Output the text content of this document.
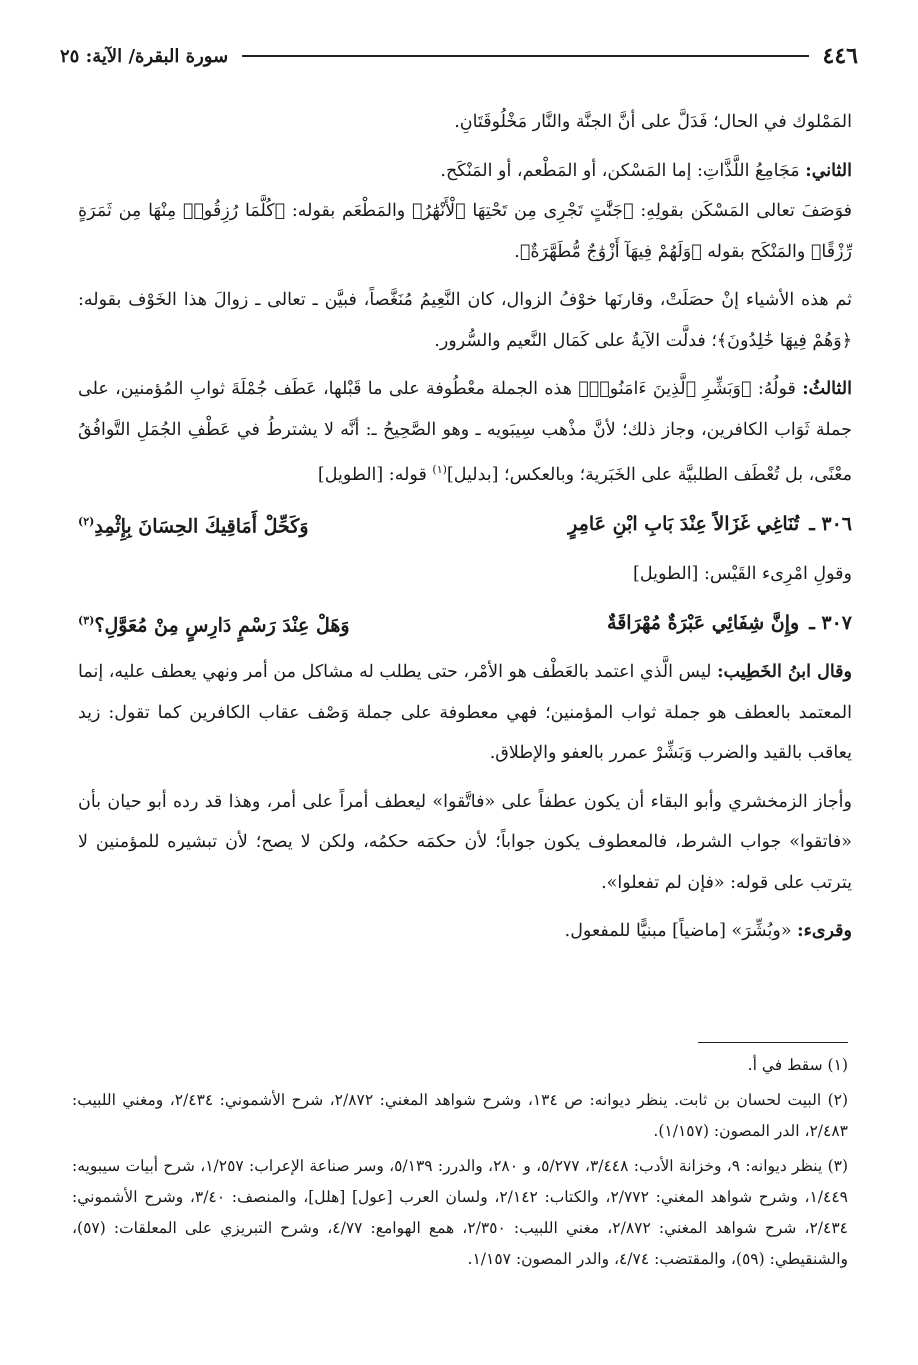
٤٤٦
سورة البقرة/ الآية: ٢٥

المَمْلوك في الحال؛ فَدَلَّ على أنَّ الجنَّة والنَّار مَخْلُوقَتَانِ.

الثاني: مَجَامِعُ اللَّذَّاتِ: إما المَسْكن، أو المَطْعم، أو المَنْكَح.

فوَصَفَ تعالى المَسْكَن بقولِهِ: ﴿جَنَّٰتٍ تَجْرِى مِن تَحْتِهَا ٱلْأَنْهَٰرُ﴾ والمَطْعَم بقوله: ﴿كُلَّمَا رُزِقُوا۟ مِنْهَا مِن ثَمَرَةٍ رِّزْقًا﴾ والمَنْكَح بقوله ﴿وَلَهُمْ فِيهَآ أَزْوَٰجٌ مُّطَهَّرَةٌ﴾.

ثم هذه الأشياء إنْ حصَلَتْ، وقارنَها خوْفُ الزوال، كان النَّعِيمُ مُنَغَّصاً، فبيَّن ـ تعالى ـ زوالَ هذا الخَوْف بقوله: ﴿وَهُمْ فِيهَا خَٰلِدُونَ﴾؛ فدلَّت الآيةُ على كَمَال النَّعيم والسُّرور.

الثالثُ: قولُهُ: ﴿وَبَشِّرِ ٱلَّذِينَ ءَامَنُوا۟﴾ هذه الجملة معْطُوفة على ما قَبْلها، عَطَف جُمْلَةَ ثوابِ المُؤمنين، على جملة ثَوَاب الكافرين، وجاز ذلك؛ لأنَّ مذْهب سِيبَويه ـ وهو الصَّحِيحُ ـ: أنَّه لا يشترطُ في عَطْفِ الجُمَلِ التَّوافُقُ معْنًى، بل تُعْطَف الطلبيَّة على الخَبَرية؛ وبالعكس؛ [بدليل]$^{(١)}$ قوله: [الطويل]

٣٠٦ ـ
تُنَاغِي غَزَالاً عِنْدَ بَابِ ابْنِ عَامِرٍ
وَكَحِّلْ أَمَاقِيكَ الحِسَانَ بِإِثْمِدِ$^{(٢)}$

وقولِ امْرِىء القَيْس: [الطويل]

٣٠٧ ـ
وإِنَّ شِفَائِي عَبْرَةٌ مُهْرَاقَةٌ
وَهَلْ عِنْدَ رَسْمٍ دَارِسٍ مِنْ مُعَوَّلِ؟$^{(٣)}$

وقال ابنُ الخَطِيب: ليس الَّذي اعتمد بالعَطْف هو الأمْر، حتى يطلب له مشاكل من أمر ونهي يعطف عليه، إنما المعتمد بالعطف هو جملة ثواب المؤمنين؛ فهي معطوفة على جملة وَصْف عقاب الكافرين كما تقول: زيد يعاقب بالقيد والضرب وَبَشِّرْ عمرر بالعفو والإطلاق.

وأجاز الزمخشري وأبو البقاء أن يكون عطفاً على «فاتَّقوا» ليعطف أمراً على أمر، وهذا قد رده أبو حيان بأن «فاتقوا» جواب الشرط، فالمعطوف يكون جواباً؛ لأن حكمَه حكمُه، ولكن لا يصح؛ لأن تبشيره للمؤمنين لا يترتب على قوله: «فإن لم تفعلوا».

وقرىء: «وبُشِّرَ» [ماضياً] مبنيًّا للمفعول.

(١) سقط في أ.

(٢) البيت لحسان بن ثابت. ينظر ديوانه: ص ١٣٤، وشرح شواهد المغني: ٢/٨٧٢، شرح الأشموني: ٢/٤٣٤، ومغني اللبيب: ٢/٤٨٣، الدر المصون: (١/١٥٧).

(٣) ينظر ديوانه: ٩، وخزانة الأدب: ٣/٤٤٨، ٥/٢٧٧، و ٢٨٠، والدرر: ٥/١٣٩، وسر صناعة الإعراب: ١/٢٥٧، شرح أبيات سيبويه: ١/٤٤٩، وشرح شواهد المغني: ٢/٧٧٢، والكتاب: ٢/١٤٢، ولسان العرب [عول] [هلل]، والمنصف: ٣/٤٠، وشرح الأشموني: ٢/٤٣٤، شرح شواهد المغني: ٢/٨٧٢، مغني اللبيب: ٢/٣٥٠، همع الهوامع: ٤/٧٧، وشرح التبريزي على المعلقات: (٥٧)، والشنقيطي: (٥٩)، والمقتضب: ٤/٧٤، والدر المصون: ١/١٥٧.
